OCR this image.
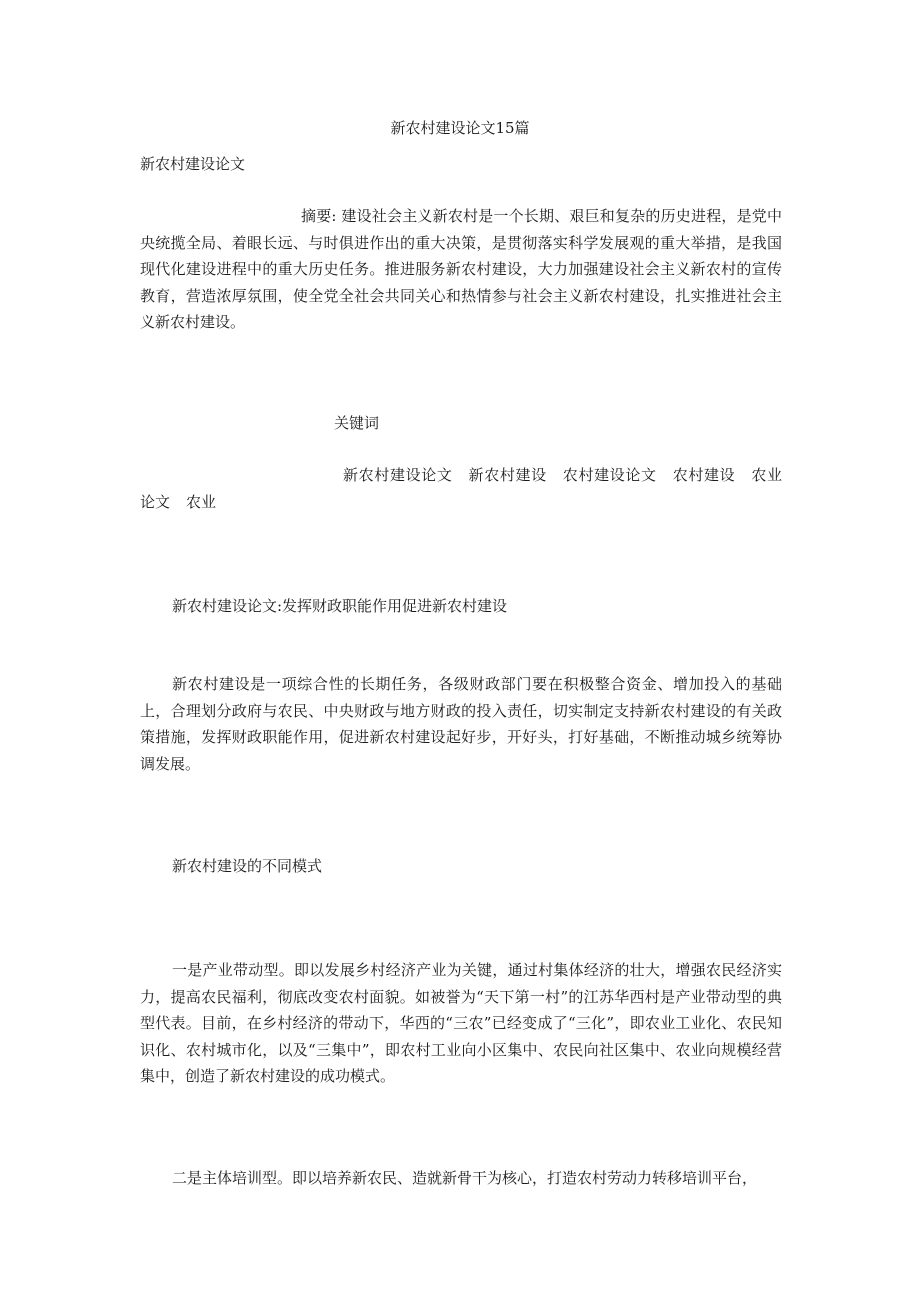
新农村建设论文15篇
新农村建设论文
摘要: 建设社会主义新农村是一个长期、艰巨和复杂的历史进程，是党中央统揽全局、着眼长远、与时俱进作出的重大决策，是贯彻落实科学发展观的重大举措，是我国现代化建设进程中的重大历史任务。推进服务新农村建设，大力加强建设社会主义新农村的宣传教育，营造浓厚氛围，使全党全社会共同关心和热情参与社会主义新农村建设，扎实推进社会主义新农村建设。
关键词
新农村建设论文 新农村建设 农村建设论文 农村建设 农业论文 农业
新农村建设论文:发挥财政职能作用促进新农村建设
新农村建设是一项综合性的长期任务，各级财政部门要在积极整合资金、增加投入的基础上，合理划分政府与农民、中央财政与地方财政的投入责任，切实制定支持新农村建设的有关政策措施，发挥财政职能作用，促进新农村建设起好步，开好头，打好基础，不断推动城乡统筹协调发展。
新农村建设的不同模式
一是产业带动型。即以发展乡村经济产业为关键，通过村集体经济的壮大，增强农民经济实力，提高农民福利，彻底改变农村面貌。如被誉为“天下第一村”的江苏华西村是产业带动型的典型代表。目前，在乡村经济的带动下，华西的“三农”已经变成了“三化”，即农业工业化、农民知识化、农村城市化，以及“三集中”，即农村工业向小区集中、农民向社区集中、农业向规模经营集中，创造了新农村建设的成功模式。
二是主体培训型。即以培养新农民、造就新骨干为核心，打造农村劳动力转移培训平台，
